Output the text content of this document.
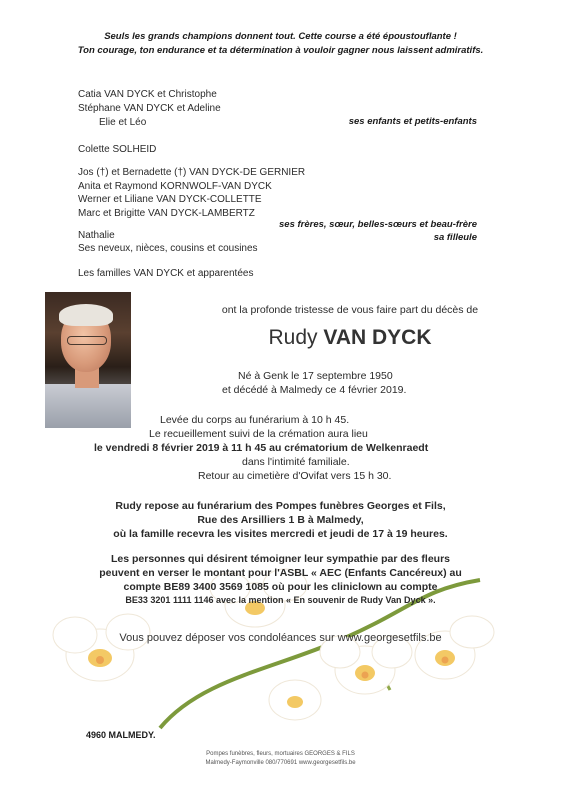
Seuls les grands champions donnent tout. Cette course a été époustouflante !
Ton courage, ton endurance et ta détermination à vouloir gagner nous laissent admiratifs.
Catia VAN DYCK et Christophe
Stéphane VAN DYCK et Adeline
Elie et Léo	ses enfants et petits-enfants
Colette SOLHEID
Jos (†) et Bernadette (†) VAN DYCK-DE GERNIER
Anita et Raymond KORNWOLF-VAN DYCK
Werner et Liliane VAN DYCK-COLLETTE
Marc et Brigitte VAN DYCK-LAMBERTZ
ses frères, sœur, belles-sœurs et beau-frère
Nathalie	sa filleule
Ses neveux, nièces, cousins et cousines
Les familles VAN DYCK et apparentées
ont la profonde tristesse de vous faire part du décès de
Rudy VAN DYCK
Né à Genk le 17 septembre 1950
et décédé à Malmedy ce 4 février 2019.
Levée du corps au funérarium à 10 h 45.
Le recueillement suivi de la crémation aura lieu
le vendredi 8 février 2019 à 11 h 45 au crématorium de Welkenraedt
dans l'intimité familiale.
Retour au cimetière d'Ovifat vers 15 h 30.
Rudy repose au funérarium des Pompes funèbres Georges et Fils,
Rue des Arsilliers 1 B à Malmedy,
où la famille recevra les visites mercredi et jeudi de 17 à 19 heures.
Les personnes qui désirent témoigner leur sympathie par des fleurs
peuvent en verser le montant pour l'ASBL « AEC (Enfants Cancéreux) au
compte BE89 3400 3569 1085 où pour les cliniclown au compte
BE33 3201 1111 1146 avec la mention « En souvenir de Rudy Van Dyck ».
Vous pouvez déposer vos condoléances sur www.georgesetfils.be
4960 MALMEDY.
Pompes funèbres, fleurs, mortuaires GEORGES & FILS
Malmedy-Faymonville 080/770691 www.georgesetfils.be
